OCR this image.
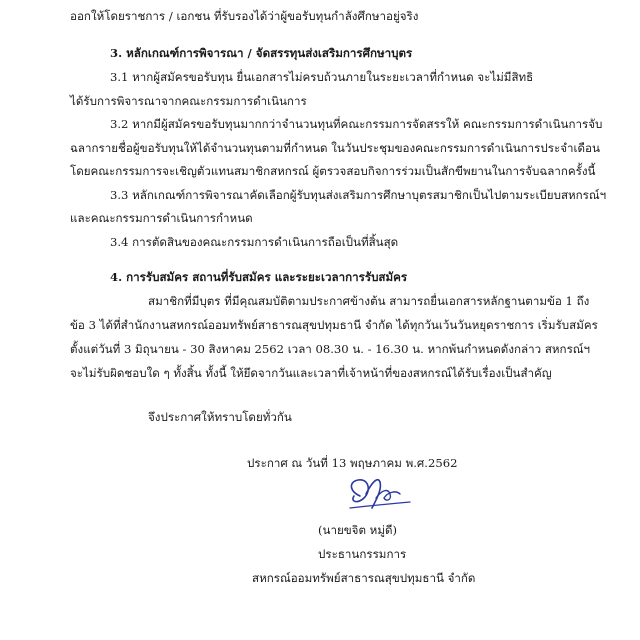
ออกให้โดยราชการ / เอกชน ที่รับรองได้ว่าผู้ขอรับทุนกำลังศึกษาอยู่จริง
3. หลักเกณฑ์การพิจารณา / จัดสรรทุนส่งเสริมการศึกษาบุตร
3.1 หากผู้สมัครขอรับทุน ยื่นเอกสารไม่ครบถ้วนภายในระยะเวลาที่กำหนด จะไม่มีสิทธิ
ได้รับการพิจารณาจากคณะกรรมการดำเนินการ
3.2 หากมีผู้สมัครขอรับทุนมากกว่าจำนวนทุนที่คณะกรรมการจัดสรรให้ คณะกรรมการดำเนินการจับ
ฉลากรายชื่อผู้ขอรับทุนให้ได้จำนวนทุนตามที่กำหนด ในวันประชุมของคณะกรรมการดำเนินการประจำเดือน
โดยคณะกรรมการจะเชิญตัวแทนสมาชิกสหกรณ์ ผู้ตรวจสอบกิจการร่วมเป็นสักขีพยานในการจับฉลากครั้งนี้
3.3 หลักเกณฑ์การพิจารณาคัดเลือกผู้รับทุนส่งเสริมการศึกษาบุตรสมาชิกเป็นไปตามระเบียบสหกรณ์ฯ
และคณะกรรมการดำเนินการกำหนด
3.4 การตัดสินของคณะกรรมการดำเนินการถือเป็นที่สิ้นสุด
4. การรับสมัคร สถานที่รับสมัคร และระยะเวลาการรับสมัคร
สมาชิกที่มีบุตร ที่มีคุณสมบัติตามประกาศข้างต้น สามารถยื่นเอกสารหลักฐานตามข้อ 1 ถึง
ข้อ 3 ได้ที่สำนักงานสหกรณ์ออมทรัพย์สาธารณสุขปทุมธานี จำกัด ได้ทุกวันเว้นวันหยุดราชการ เริ่มรับสมัคร
ตั้งแต่วันที่ 3 มิถุนายน - 30 สิงหาคม 2562 เวลา 08.30 น. - 16.30 น. หากพ้นกำหนดดังกล่าว สหกรณ์ฯ
จะไม่รับผิดชอบใด ๆ ทั้งสิ้น ทั้งนี้ ให้ยึดจากวันและเวลาที่เจ้าหน้าที่ของสหกรณ์ได้รับเรื่องเป็นสำคัญ
จึงประกาศให้ทราบโดยทั่วกัน
ประกาศ ณ วันที่ 13 พฤษภาคม พ.ศ.2562
(นายขจิต หมู่ดี)
ประธานกรรมการ
สหกรณ์ออมทรัพย์สาธารณสุขปทุมธานี จำกัด
